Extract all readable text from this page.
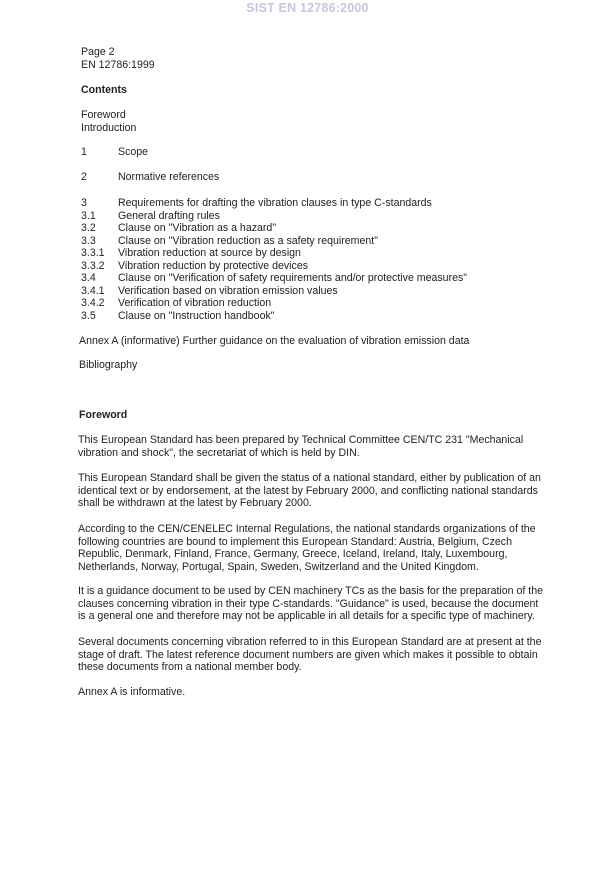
SIST EN 12786:2000
Page 2
EN 12786:1999
Contents
Foreword
Introduction
1	Scope
2	Normative references
3	Requirements for drafting the vibration clauses in type C-standards
3.1 General drafting rules
3.2 Clause on "Vibration as a hazard"
3.3 Clause on "Vibration reduction as a safety requirement"
3.3.1 Vibration reduction at source by design
3.3.2 Vibration reduction by protective devices
3.4 Clause on "Verification of safety requirements and/or protective measures"
3.4.1 Verification based on vibration emission values
3.4.2 Verification of vibration reduction
3.5 Clause on "Instruction handbook"
Annex A (informative) Further guidance on the evaluation of vibration emission data
Bibliography
Foreword
This European Standard has been prepared by Technical Committee CEN/TC 231 "Mechanical
vibration and shock", the secretariat of which is held by DIN.
This European Standard shall be given the status of a national standard, either by publication of an
identical text or by endorsement, at the latest by February 2000, and conflicting national standards
shall be withdrawn at the latest by February 2000.
According to the CEN/CENELEC Internal Regulations, the national standards organizations of the
following countries are bound to implement this European Standard: Austria, Belgium, Czech
Republic, Denmark, Finland, France, Germany, Greece, Iceland, Ireland, Italy, Luxembourg,
Netherlands, Norway, Portugal, Spain, Sweden, Switzerland and the United Kingdom.
It is a guidance document to be used by CEN machinery TCs as the basis for the preparation of the
clauses concerning vibration in their type C-standards. "Guidance" is used, because the document
is a general one and therefore may not be applicable in all details for a specific type of machinery.
Several documents concerning vibration referred to in this European Standard are at present at the
stage of draft. The latest reference document numbers are given which makes it possible to obtain
these documents from a national member body.
Annex A is informative.
